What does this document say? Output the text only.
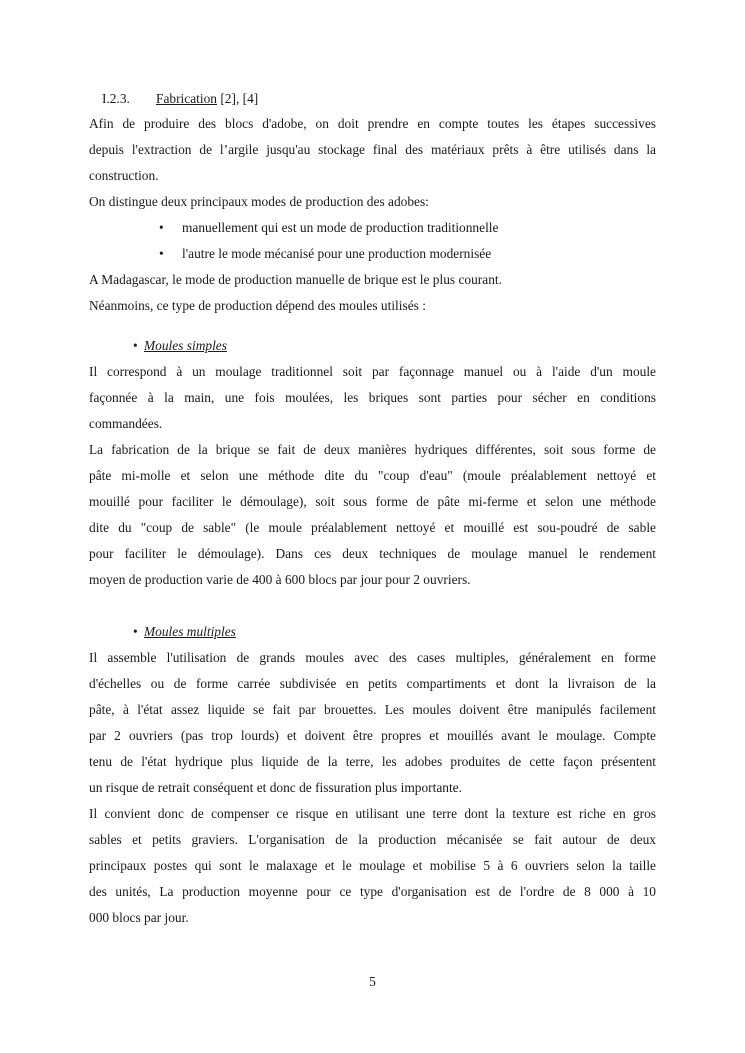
I.2.3. Fabrication [2], [4]
Afin de produire des blocs d'adobe, on doit prendre en compte toutes les étapes successives
depuis l'extraction de l’argile jusqu'au stockage final des matériaux prêts à être utilisés dans la
construction.
On distingue deux principaux modes de production des adobes:
• manuellement qui est un mode de production traditionnelle
• l'autre le mode mécanisé pour une production modernisée
A Madagascar, le mode de production manuelle de brique est le plus courant.
Néanmoins, ce type de production dépend des moules utilisés :
• Moules simples
Il correspond à un moulage traditionnel soit par façonnage manuel ou à l'aide d'un moule
façonnée à la main, une fois moulées, les briques sont parties pour sécher en conditions
commandées.
La fabrication de la brique se fait de deux manières hydriques différentes, soit sous forme de
pâte mi-molle et selon une méthode dite du "coup d'eau" (moule préalablement nettoyé et
mouillé pour faciliter le démoulage), soit sous forme de pâte mi-ferme et selon une méthode
dite du "coup de sable" (le moule préalablement nettoyé et mouillé est sou-poudré de sable
pour faciliter le démoulage). Dans ces deux techniques de moulage manuel le rendement
moyen de production varie de 400 à 600 blocs par jour pour 2 ouvriers.
• Moules multiples
Il assemble l'utilisation de grands moules avec des cases multiples, généralement en forme
d'échelles ou de forme carrée subdivisée en petits compartiments et dont la livraison de la
pâte, à l'état assez liquide se fait par brouettes. Les moules doivent être manipulés facilement
par 2 ouvriers (pas trop lourds) et doivent être propres et mouillés avant le moulage. Compte
tenu de l'état hydrique plus liquide de la terre, les adobes produites de cette façon présentent
un risque de retrait conséquent et donc de fissuration plus importante.
Il convient donc de compenser ce risque en utilisant une terre dont la texture est riche en gros
sables et petits graviers. L'organisation de la production mécanisée se fait autour de deux
principaux postes qui sont le malaxage et le moulage et mobilise 5 à 6 ouvriers selon la taille
des unités, La production moyenne pour ce type d'organisation est de l'ordre de 8 000 à 10
000 blocs par jour.
5
